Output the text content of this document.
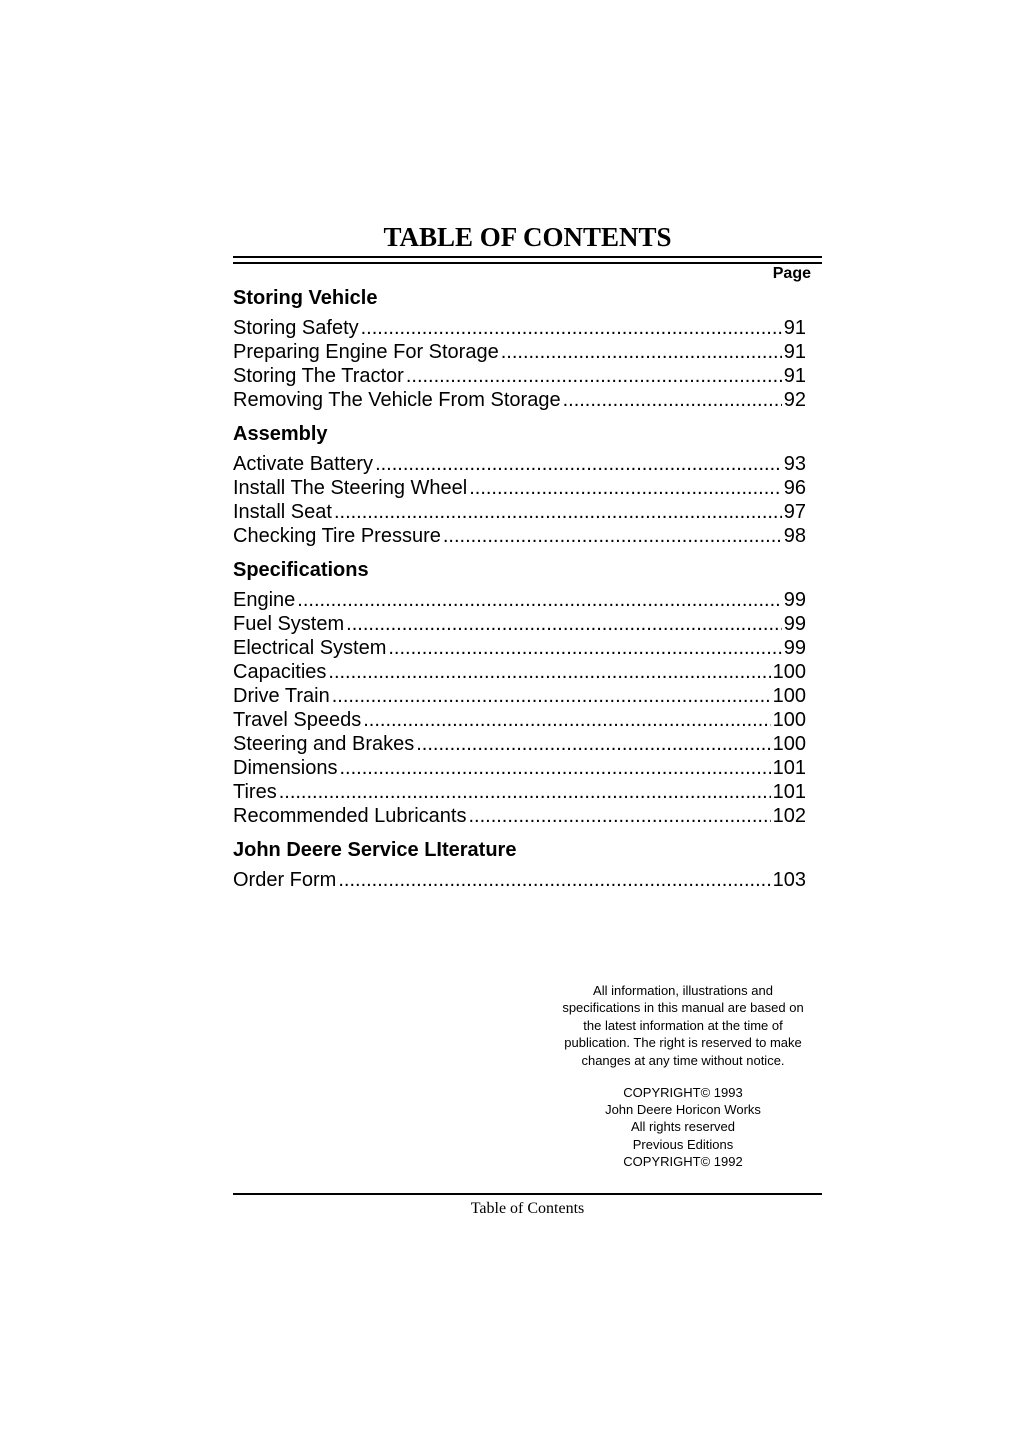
TABLE OF CONTENTS
Page
Storing Vehicle
Storing Safety .....	91
Preparing Engine For Storage .....	91
Storing The Tractor .....	91
Removing The Vehicle From Storage .....	92
Assembly
Activate Battery .....	93
Install The Steering Wheel .....	96
Install Seat .....	97
Checking Tire Pressure .....	98
Specifications
Engine .....	99
Fuel System .....	99
Electrical System .....	99
Capacities .....	100
Drive Train .....	100
Travel Speeds .....	100
Steering and Brakes .....	100
Dimensions .....	101
Tires .....	101
Recommended Lubricants .....	102
John Deere Service LIterature
Order Form .....	103

All information, illustrations and

specifications in this manual are based on

the latest information at the time of

publication. The right is reserved to make

changes at any time without notice.

COPYRIGHT© 1993
John Deere Horicon Works
All rights reserved
Previous Editions
COPYRIGHT© 1992
Table of Contents
